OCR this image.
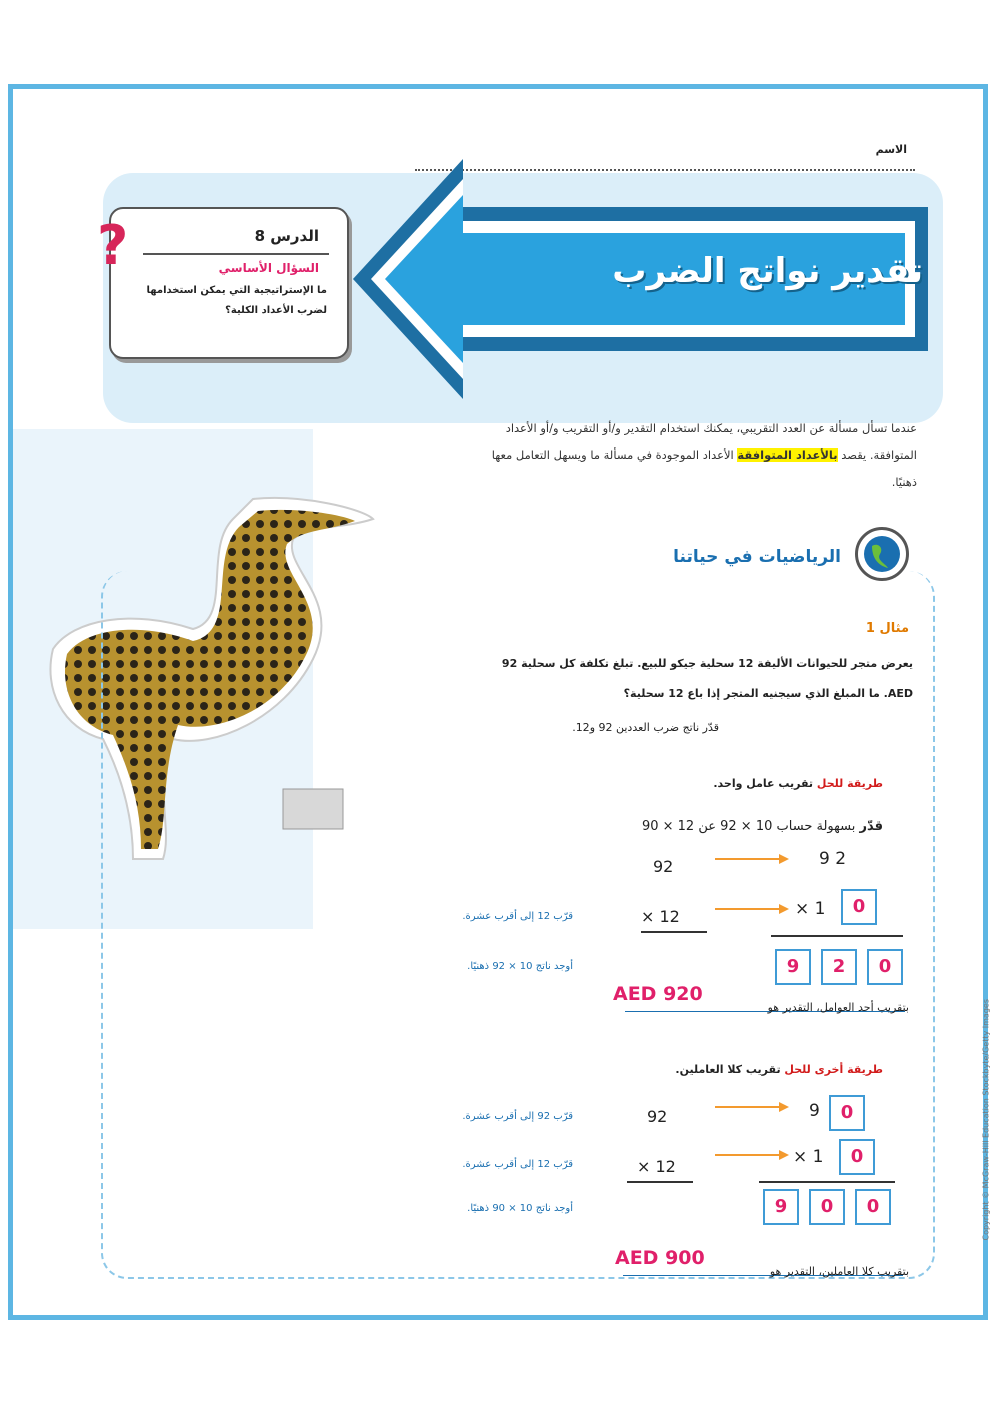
الاسم
تقدير نواتج الضرب
?	الدرس 8
السؤال الأساسي
ما الإستراتيجية التي يمكن استخدامها لضرب الأعداد الكلية؟
عندما تسأل مسألة عن العدد التقريبي، يمكنك استخدام التقدير و/أو التقريب و/أو الأعداد المتوافقة. يقصد بالأعداد المتوافقة الأعداد الموجودة في مسألة ما ويسهل التعامل معها ذهنيًا.
الرياضيات في حياتنا
مثال 1
يعرض متجر للحيوانات الأليفة 12 سحلية جيكو للبيع. تبلغ تكلفة كل سحلية 92 AED. ما المبلغ الذي سيجنيه المتجر إذا باع 12 سحلية؟
قدّر ناتج ضرب العددين 92 و12.
طريقة للحل تقريب عامل واحد.
قدّر بسهولة حساب 10 × 92 عن 12 × 90
92
× 12
9 2
× 1	0
9	2	0
قرّب 12 إلى أقرب عشرة.
أوجد ناتج 10 × 92 ذهنيًا.
AED 920
بتقريب أحد العوامل، التقدير هو
طريقة أخرى للحل تقريب كلا العاملين.
92
× 12
9	0
× 1	0
9	0	0
قرّب 92 إلى أقرب عشرة.
قرّب 12 إلى أقرب عشرة.
أوجد ناتج 10 × 90 ذهنيًا.
AED 900
بتقريب كلا العاملين، التقدير هو
Copyright © McGraw-Hill Education Stockbyte/Getty Images
